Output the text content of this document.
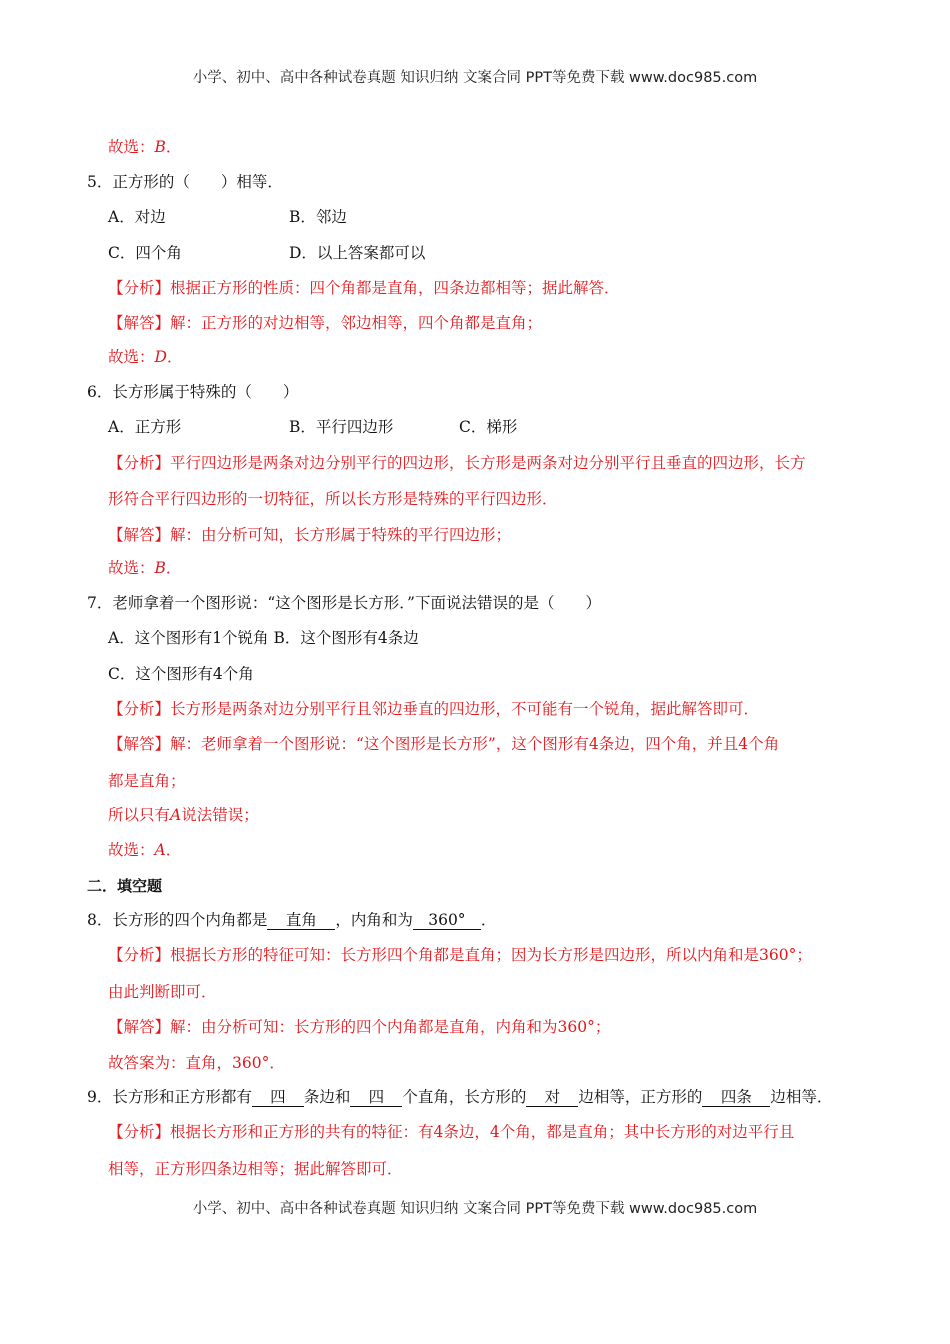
小学、初中、高中各种试卷真题 知识归纳 文案合同 PPT等免费下载 www.doc985.com
故选：B．
5．正方形的（　　）相等．
A．对边	B．邻边
C．四个角	D．以上答案都可以
【分析】根据正方形的性质：四个角都是直角，四条边都相等；据此解答．
【解答】解：正方形的对边相等，邻边相等，四个角都是直角；
故选：D．
6．长方形属于特殊的（　　）
A．正方形	B．平行四边形	C．梯形
【分析】平行四边形是两条对边分别平行的四边形，长方形是两条对边分别平行且垂直的四边形，长方
形符合平行四边形的一切特征，所以长方形是特殊的平行四边形．
【解答】解：由分析可知，长方形属于特殊的平行四边形；
故选：B．
7．老师拿着一个图形说：“这个图形是长方形．”下面说法错误的是（　　）
A．这个图形有1个锐角 B．这个图形有4条边
C．这个图形有4个角
【分析】长方形是两条对边分别平行且邻边垂直的四边形，不可能有一个锐角，据此解答即可．
【解答】解：老师拿着一个图形说：“这个图形是长方形”，这个图形有4条边，四个角，并且4个角
都是直角；
所以只有A说法错误；
故选：A．
二．填空题
8．长方形的四个内角都是 直角 ，内角和为 360° ．
【分析】根据长方形的特征可知：长方形四个角都是直角；因为长方形是四边形，所以内角和是360°；
由此判断即可．
【解答】解：由分析可知：长方形的四个内角都是直角，内角和为360°；
故答案为：直角，360°．
9．长方形和正方形都有 四 条边和 四 个直角，长方形的 对 边相等，正方形的 四条 边相等．
【分析】根据长方形和正方形的共有的特征：有4条边，4个角，都是直角；其中长方形的对边平行且
相等，正方形四条边相等；据此解答即可．
小学、初中、高中各种试卷真题 知识归纳 文案合同 PPT等免费下载 www.doc985.com
